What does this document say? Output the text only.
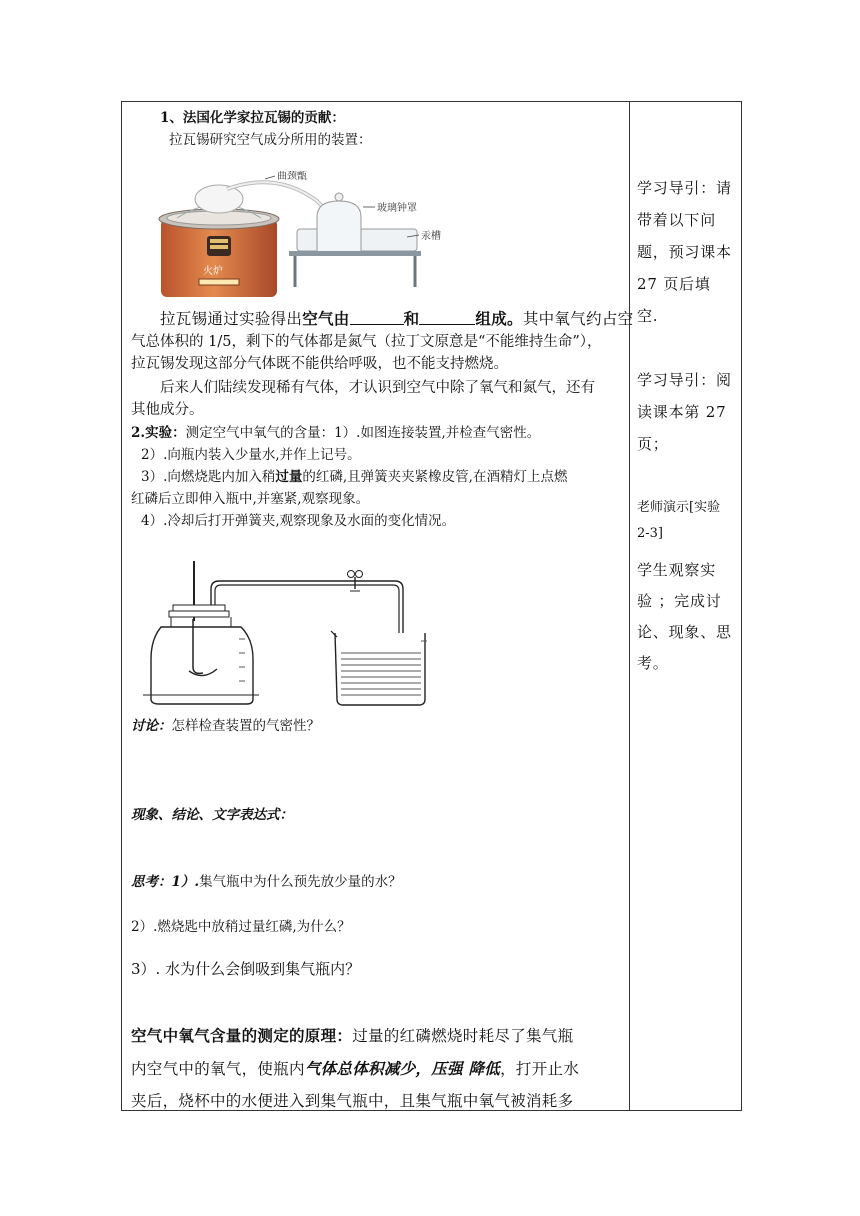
1、法国化学家拉瓦锡的贡献：
拉瓦锡研究空气成分所用的装置：
火炉
曲颈甑
玻璃钟罩
汞槽
拉瓦锡通过实验得出空气由	和	组成。其中氧气约占空
气总体积的 1/5，剩下的气体都是氮气（拉丁文原意是“不能维持生命”），
拉瓦锡发现这部分气体既不能供给呼吸，也不能支持燃烧。
后来人们陆续发现稀有气体，才认识到空气中除了氧气和氮气，还有
其他成分。
2.实验：测定空气中氧气的含量：1）.如图连接装置,并检查气密性。
2）.向瓶内装入少量水,并作上记号。
3）.向燃烧匙内加入稍过量的红磷,且弹簧夹夹紧橡皮管,在酒精灯上点燃
红磷后立即伸入瓶中,并塞紧,观察现象。
4）.冷却后打开弹簧夹,观察现象及水面的变化情况。
讨论：怎样检查装置的气密性？
现象、结论、文字表达式：
思考：1）.集气瓶中为什么预先放少量的水？
2）.燃烧匙中放稍过量红磷,为什么？
3）. 水为什么会倒吸到集气瓶内？
空气中氧气含量的测定的原理：过量的红磷燃烧时耗尽了集气瓶
内空气中的氧气，使瓶内气体总体积减少，压强 降低，打开止水
夹后，烧杯中的水便进入到集气瓶中，且集气瓶中氧气被消耗多
学习导引：请
带着以下问
题，预习课本
27 页后填
空.
学习导引：阅
读课本第 27
页；
老师演示[实验
2-3]
学生观察实
验 ；完成讨
论、现象、思
考。
